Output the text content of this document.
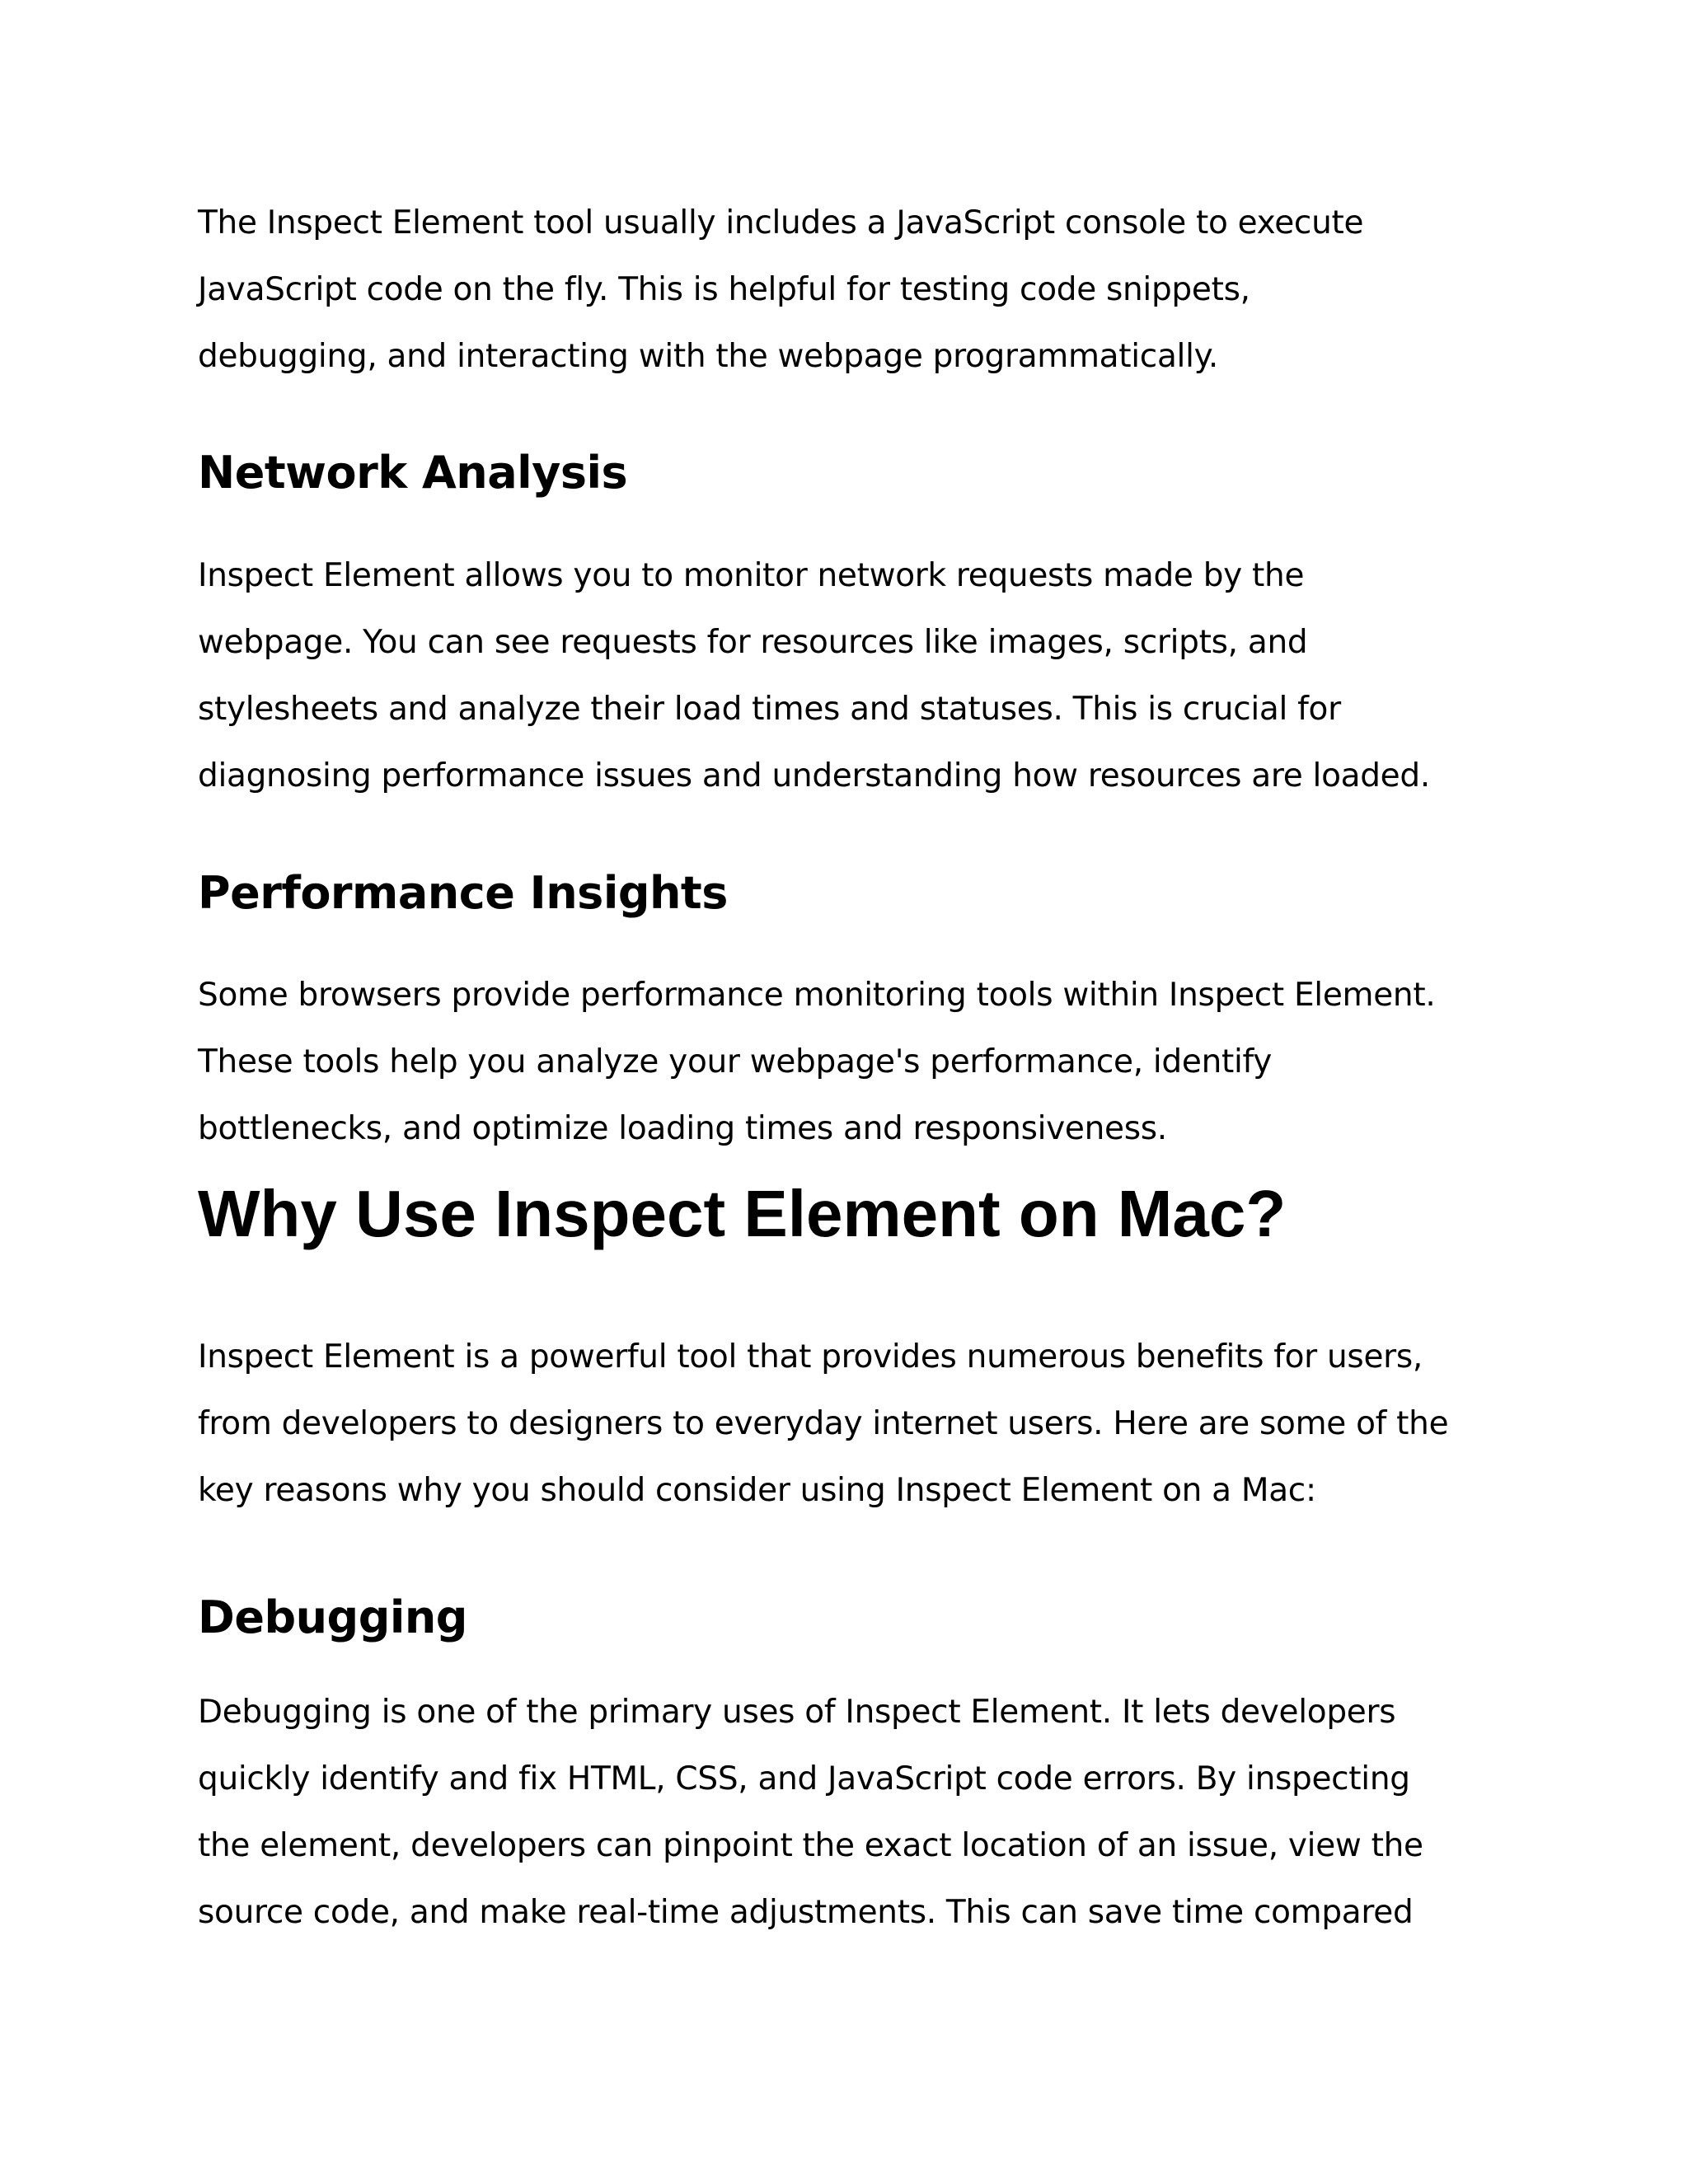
The Inspect Element tool usually includes a JavaScript console to execute
JavaScript code on the fly. This is helpful for testing code snippets,
debugging, and interacting with the webpage programmatically.

Network Analysis

Inspect Element allows you to monitor network requests made by the
webpage. You can see requests for resources like images, scripts, and
stylesheets and analyze their load times and statuses. This is crucial for
diagnosing performance issues and understanding how resources are loaded.

Performance Insights

Some browsers provide performance monitoring tools within Inspect Element.
These tools help you analyze your webpage's performance, identify
bottlenecks, and optimize loading times and responsiveness.

Why Use Inspect Element on Mac?

Inspect Element is a powerful tool that provides numerous benefits for users,
from developers to designers to everyday internet users. Here are some of the
key reasons why you should consider using Inspect Element on a Mac:

Debugging

Debugging is one of the primary uses of Inspect Element. It lets developers
quickly identify and fix HTML, CSS, and JavaScript code errors. By inspecting
the element, developers can pinpoint the exact location of an issue, view the
source code, and make real-time adjustments. This can save time compared
